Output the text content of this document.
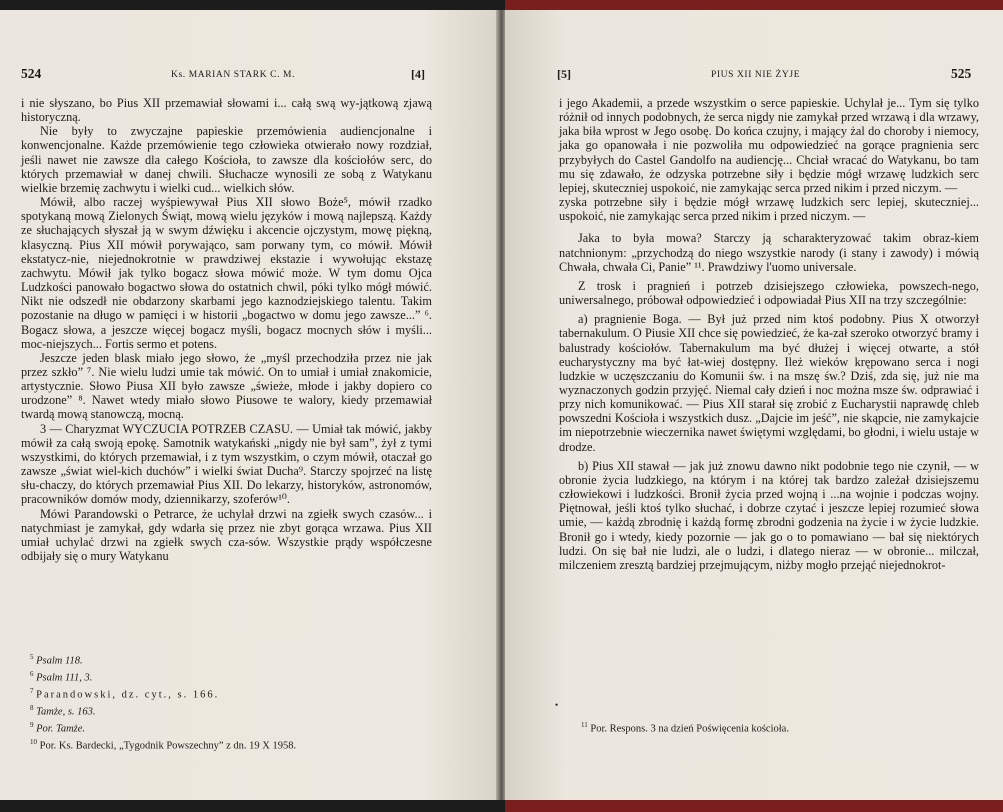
524	Ks. MARIAN STARK C. M.	[4]

i nie słyszano, bo Pius XII przemawiał słowami i... całą swą wy-jątkową zjawą historyczną.

Nie były to zwyczajne papieskie przemówienia audiencjonalne i konwencjonalne. Każde przemówienie tego człowieka otwierało nowy rozdział, jeśli nawet nie zawsze dla całego Kościoła, to zawsze dla kościołów serc, do których przemawiał w danej chwili. Słuchacze wynosili ze sobą z Watykanu wielkie brzemię zachwytu i wielki cud... wielkich słów.

Mówił, albo raczej wyśpiewywał Pius XII słowo Boże⁵, mówił rzadko spotykaną mową Zielonych Świąt, mową wielu języków i mową najlepszą. Każdy ze słuchających słyszał ją w swym dźwięku i akcencie ojczystym, mowę piękną, klasyczną. Pius XII mówił porywająco, sam porwany tym, co mówił. Mówił ekstatycz-nie, niejednokrotnie w prawdziwej ekstazie i wywołując ekstazę zachwytu. Mówił jak tylko bogacz słowa mówić może. W tym domu Ojca Ludzkości panowało bogactwo słowa do ostatnich chwil, póki tylko mógł mówić. Nikt nie odszedł nie obdarzony skarbami jego kaznodziejskiego talentu. Takim pozostanie na długo w pamięci i w historii „bogactwo w domu jego zawsze...” ⁶. Bogacz słowa, a jeszcze więcej bogacz myśli, bogacz mocnych słów i myśli... moc-niejszych... Fortis sermo et potens.

Jeszcze jeden blask miało jego słowo, że „myśl przechodziła przez nie jak przez szkło” ⁷. Nie wielu ludzi umie tak mówić. On to umiał i umiał znakomicie, artystycznie. Słowo Piusa XII było zawsze „świeże, młode i jakby dopiero co urodzone” ⁸. Nawet wtedy miało słowo Piusowe te walory, kiedy przemawiał twardą mową stanowczą, mocną.

3 — Charyzmat WYCZUCIA POTRZEB CZASU. — Umiał tak mówić, jakby mówił za całą swoją epokę. Samotnik watykański „nigdy nie był sam”, żył z tymi wszystkimi, do których przemawiał, i z tym wszystkim, o czym mówił, otaczał go zawsze „świat wiel-kich duchów” i wielki świat Ducha⁹. Starczy spojrzeć na listę słu-chaczy, do których przemawiał Pius XII. Do lekarzy, historyków, astronomów, pracowników domów mody, dziennikarzy, szoferów¹⁰.

Mówi Parandowski o Petrarce, że uchylał drzwi na zgiełk swych czasów... i natychmiast je zamykał, gdy wdarła się przez nie zbyt gorąca wrzawa. Pius XII umiał uchylać drzwi na zgiełk swych cza-sów. Wszystkie prądy współczesne odbijały się o mury Watykanu

$^5$ Psalm 118.
$^6$ Psalm 111, 3.
$^7$ Parandowski, dz. cyt., s. 166.
$^8$ Tamże, s. 163.
$^9$ Por. Tamże.
$^{10}$ Por. Ks. Bardecki, „Tygodnik Powszechny” z dn. 19 X 1958.
[5]	PIUS XII NIE ŻYJE	525

i jego Akademii, a przede wszystkim o serce papieskie. Uchylał je... Tym się tylko różnił od innych podobnych, że serca nigdy nie zamykał przed wrzawą i dla wrzawy, jaka biła wprost w Jego osobę. Do końca czujny, i mający żal do choroby i niemocy, jaka go opanowała i nie pozwoliła mu odpowiedzieć na gorące pragnienia serc przybyłych do Castel Gandolfo na audiencję... Chciał wracać do Watykanu, bo tam mu się zdawało, że odzyska potrzebne siły i będzie mógł wrzawę ludzkich serc lepiej, skuteczniej uspokoić, nie zamykając serca przed nikim i przed niczym. —

zyska potrzebne siły i będzie mógł wrzawę ludzkich serc lepiej, skuteczniej... uspokoić, nie zamykając serca przed nikim i przed niczym. —

Jaka to była mowa? Starczy ją scharakteryzować takim obraz-kiem natchnionym: „przychodzą do niego wszystkie narody (i stany i zawody) i mówią Chwała, chwała Ci, Panie” ¹¹. Prawdziwy l'uomo universale.

Z trosk i pragnień i potrzeb dzisiejszego człowieka, powszech-nego, uniwersalnego, próbował odpowiedzieć i odpowiadał Pius XII na trzy szczególnie:

a) pragnienie Boga. — Był już przed nim ktoś podobny. Pius X otworzył tabernakulum. O Piusie XII chce się powiedzieć, że ka-zał szeroko otworzyć bramy i balustrady kościołów. Tabernakulum ma być dłużej i więcej otwarte, a stół eucharystyczny ma być łat-wiej dostępny. Ileż wieków krępowano serca i nogi ludzkie w uczęszczaniu do Komunii św. i na mszę św.? Dziś, zda się, już nie ma wyznaczonych godzin przyjęć. Niemal cały dzień i noc można msze św. odprawiać i przy nich komunikować. — Pius XII starał się zrobić z Eucharystii naprawdę chleb powszedni Kościoła i wszystkich dusz. „Dajcie im jeść”, nie skąpcie, nie zamykajcie im niepotrzebnie wieczernika nawet świętymi względami, bo głodni, i wielu ustaje w drodze.

b) Pius XII stawał — jak już znowu dawno nikt podobnie tego nie czynił, — w obronie życia ludzkiego, na którym i na której tak bardzo zależał dzisiejszemu człowiekowi i ludzkości. Bronił życia przed wojną i ...na wojnie i podczas wojny. Piętnował, jeśli ktoś tylko słuchać, i dobrze czytać i jeszcze lepiej rozumieć słowa umie, — każdą zbrodnię i każdą formę zbrodni godzenia na życie i w życie ludzkie. Bronił go i wtedy, kiedy pozornie — jak go o to pomawiano — bał się niektórych ludzi. On się bał nie ludzi, ale o ludzi, i dlatego nieraz — w obronie... milczał, milczeniem zresztą bardziej przejmującym, niżby mogło przejąć niejednokrot-

$^{11}$ Por. Respons. 3 na dzień Poświęcenia kościoła.
•
